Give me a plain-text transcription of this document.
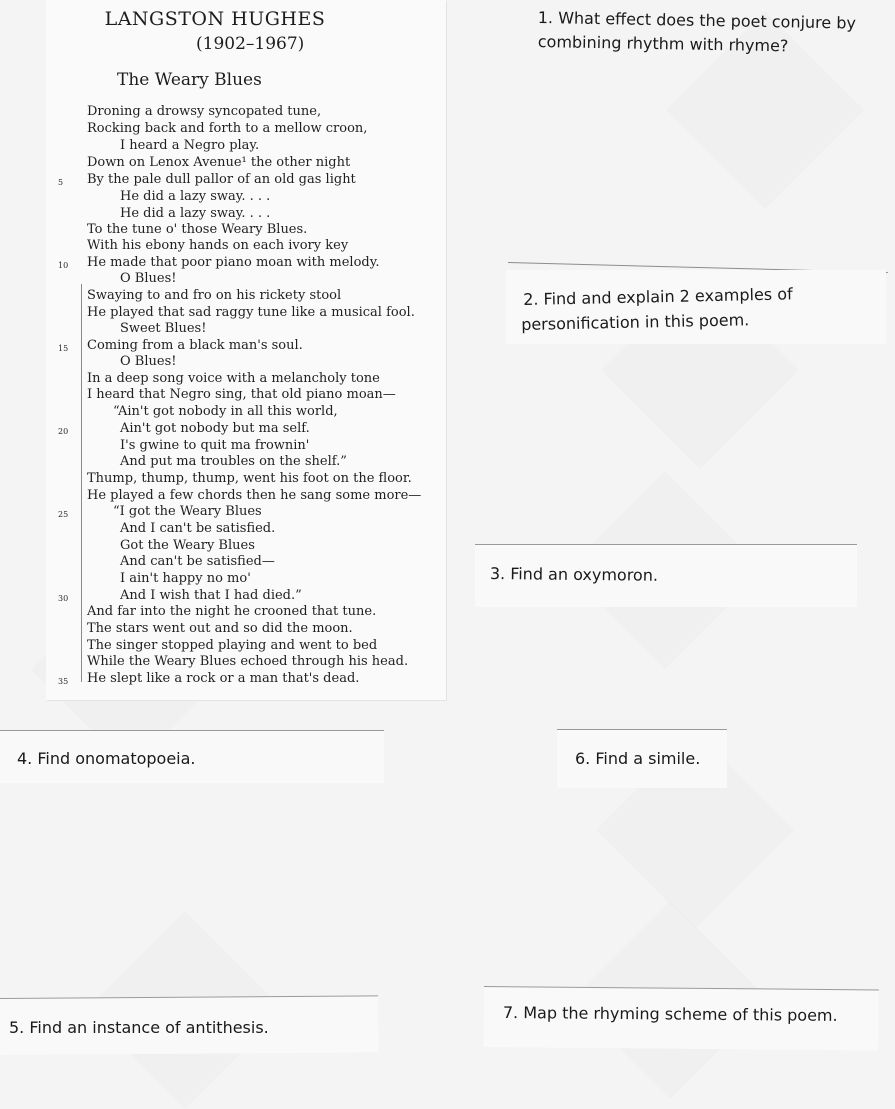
LANGSTON HUGHES
(1902–1967)
The Weary Blues
Droning a drowsy syncopated tune,
Rocking back and forth to a mellow croon,
I heard a Negro play.
Down on Lenox Avenue¹ the other night
By the pale dull pallor of an old gas light
He did a lazy sway. . . .
He did a lazy sway. . . .
To the tune o' those Weary Blues.
With his ebony hands on each ivory key
He made that poor piano moan with melody.
O Blues!
Swaying to and fro on his rickety stool
He played that sad raggy tune like a musical fool.
Sweet Blues!
Coming from a black man's soul.
O Blues!
In a deep song voice with a melancholy tone
I heard that Negro sing, that old piano moan—
“Ain't got nobody in all this world,
Ain't got nobody but ma self.
I's gwine to quit ma frownin'
And put ma troubles on the shelf.”
Thump, thump, thump, went his foot on the floor.
He played a few chords then he sang some more—
“I got the Weary Blues
And I can't be satisfied.
Got the Weary Blues
And can't be satisfied—
I ain't happy no mo'
And I wish that I had died.”
And far into the night he crooned that tune.
The stars went out and so did the moon.
The singer stopped playing and went to bed
While the Weary Blues echoed through his head.
He slept like a rock or a man that's dead.
5
10
15
20
25
30
35
1. What effect does the poet conjure by
combining rhythm with rhyme?
2. Find and explain 2 examples of
personification in this poem.
3. Find an oxymoron.
4. Find onomatopoeia.	6. Find a simile.
5. Find an instance of antithesis.
7. Map the rhyming scheme of this poem.
